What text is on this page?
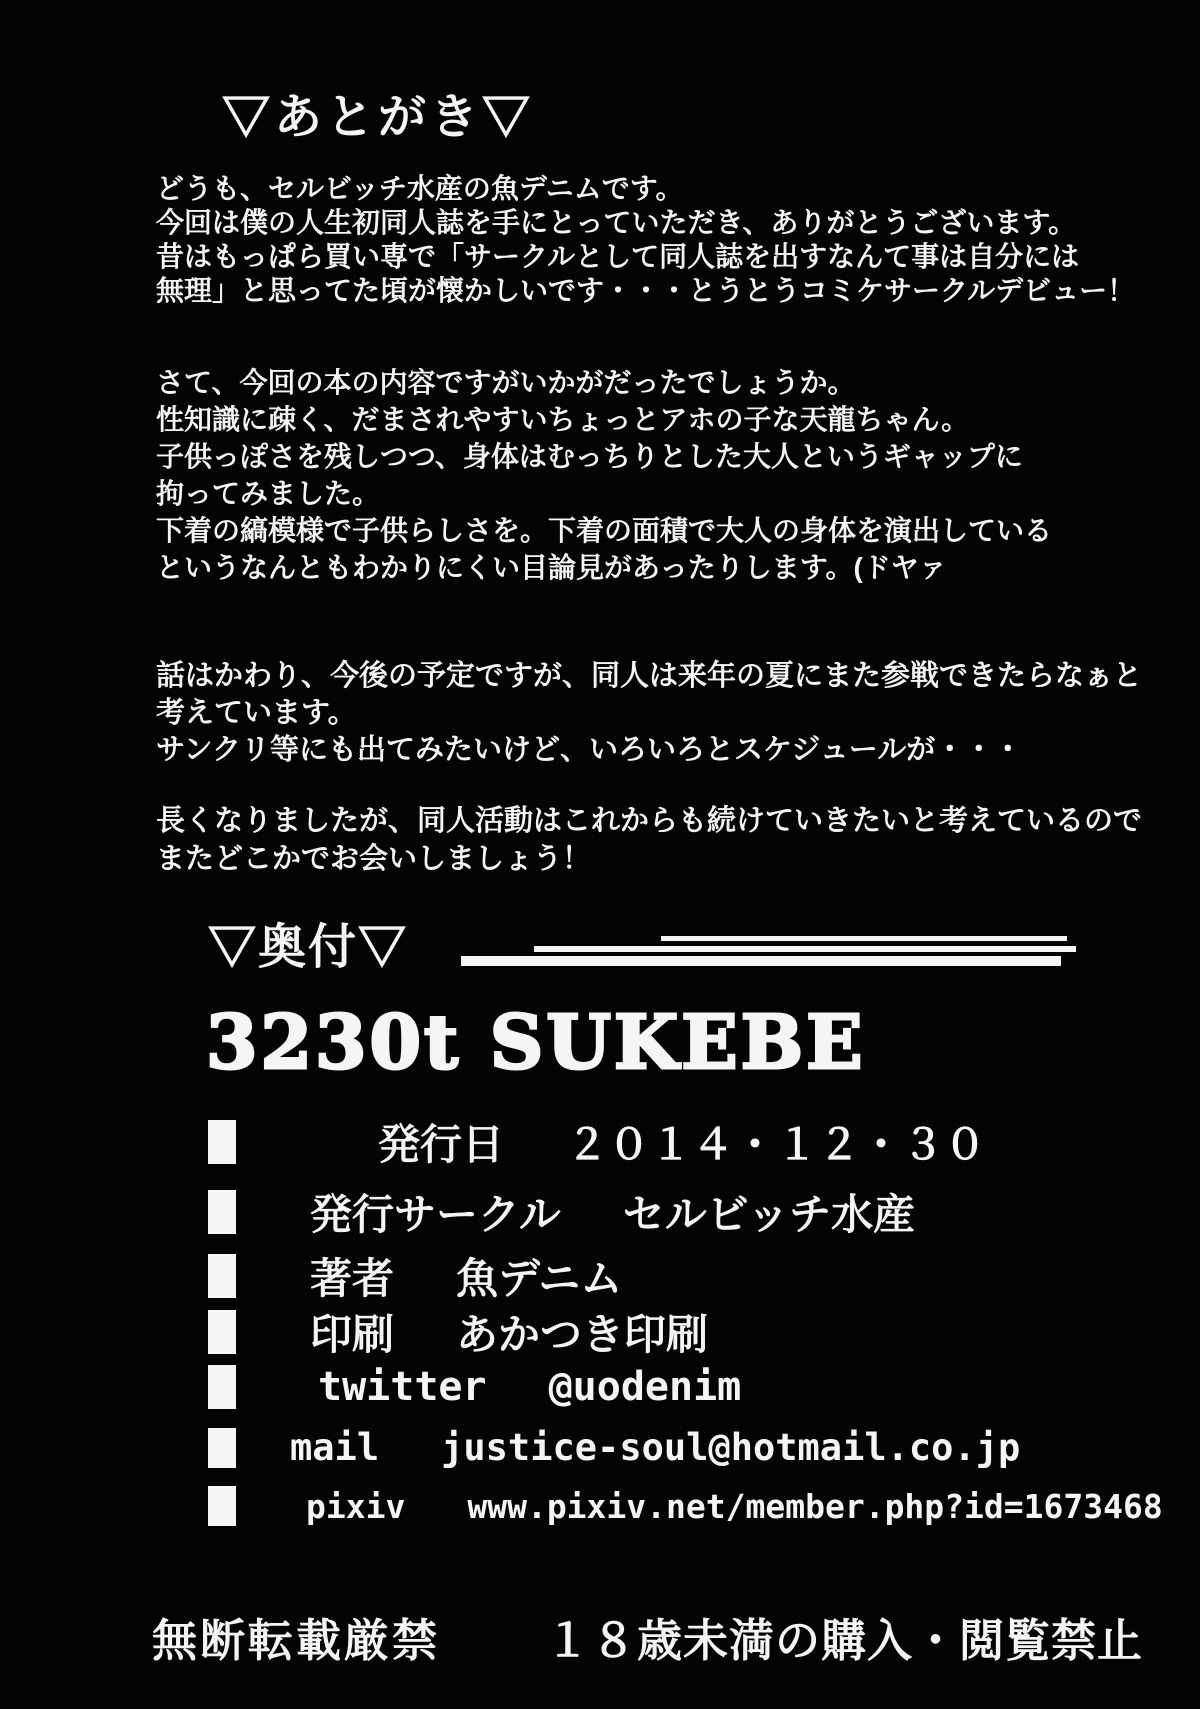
▽あとがき▽
どうも、セルビッチ水産の魚デニムです。
今回は僕の人生初同人誌を手にとっていただき、ありがとうございます。
昔はもっぱら買い専で「サークルとして同人誌を出すなんて事は自分には
無理」と思ってた頃が懐かしいです・・・とうとうコミケサークルデビュー！
さて、今回の本の内容ですがいかがだったでしょうか。
性知識に疎く、だまされやすいちょっとアホの子な天龍ちゃん。
子供っぽさを残しつつ、身体はむっちりとした大人というギャップに
拘ってみました。
下着の縞模様で子供らしさを。下着の面積で大人の身体を演出している
というなんともわかりにくい目論見があったりします。(ドヤァ
話はかわり、今後の予定ですが、同人は来年の夏にまた参戦できたらなぁと
考えています。
サンクリ等にも出てみたいけど、いろいろとスケジュールが・・・
長くなりましたが、同人活動はこれからも続けていきたいと考えているので
またどこかでお会いしましょう！
▽奥付▽
3230t SUKEBE
発行日 ２０１４・１２・３０
発行サークル セルビッチ水産
著者 魚デニム
印刷 あかつき印刷
twitter @uodenim
mail justice-soul@hotmail.co.jp
pixiv www.pixiv.net/member.php?id=1673468
無断転載厳禁 １８歳未満の購入・閲覧禁止
